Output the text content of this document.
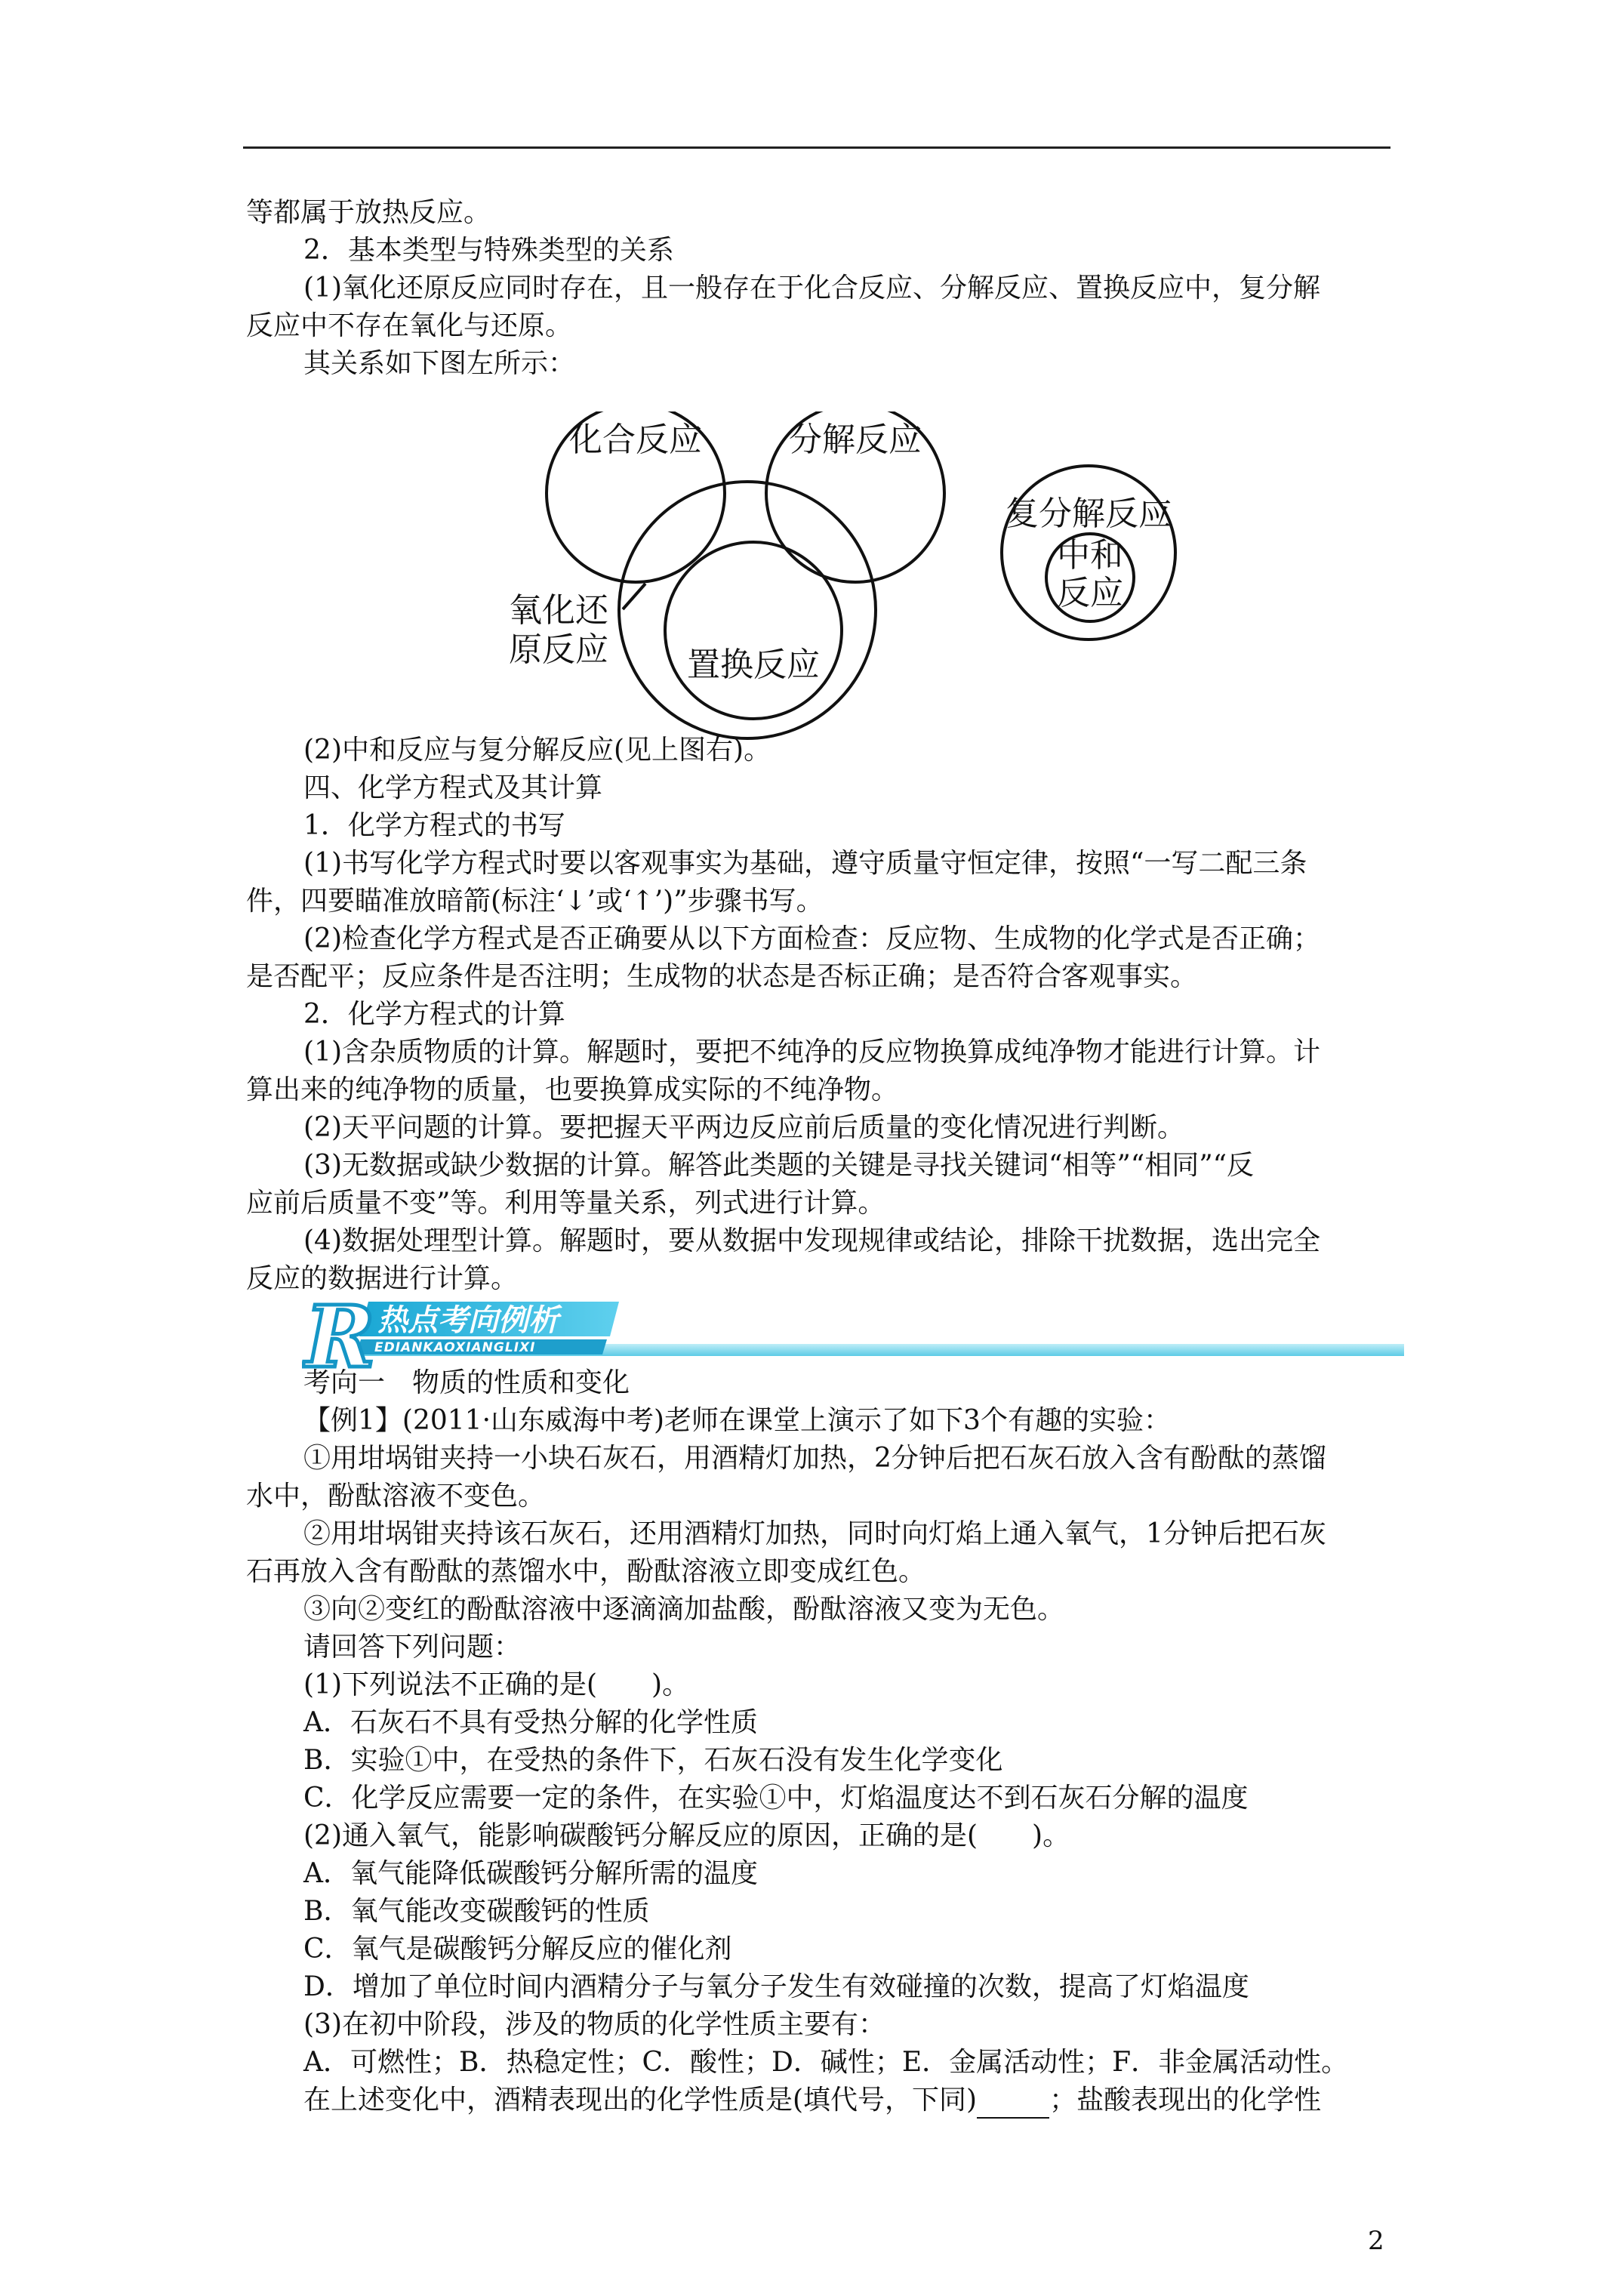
等都属于放热反应。
2．基本类型与特殊类型的关系
(1)氧化还原反应同时存在，且一般存在于化合反应、分解反应、置换反应中，复分解
反应中不存在氧化与还原。
其关系如下图左所示：
化合反应	分解反应
氧化还
原反应 置换反应
复分解反应
中和
反应
(2)中和反应与复分解反应(见上图右)。
四、化学方程式及其计算
1．化学方程式的书写
(1)书写化学方程式时要以客观事实为基础，遵守质量守恒定律，按照“一写二配三条
件，四要瞄准放暗箭(标注‘↓’或‘↑’)”步骤书写。
(2)检查化学方程式是否正确要从以下方面检查：反应物、生成物的化学式是否正确；
是否配平；反应条件是否注明；生成物的状态是否标正确；是否符合客观事实。
2．化学方程式的计算
(1)含杂质物质的计算。解题时，要把不纯净的反应物换算成纯净物才能进行计算。计
算出来的纯净物的质量，也要换算成实际的不纯净物。
(2)天平问题的计算。要把握天平两边反应前后质量的变化情况进行判断。
(3)无数据或缺少数据的计算。解答此类题的关键是寻找关键词“相等”“相同”“反
应前后质量不变”等。利用等量关系，列式进行计算。
(4)数据处理型计算。解题时，要从数据中发现规律或结论，排除干扰数据，选出完全
反应的数据进行计算。
R 热点考向例析
EDIANKAOXIANGLIXI
考向一　物质的性质和变化
【例1】(2011·山东威海中考)老师在课堂上演示了如下3个有趣的实验：
①用坩埚钳夹持一小块石灰石，用酒精灯加热，2分钟后把石灰石放入含有酚酞的蒸馏
水中，酚酞溶液不变色。
②用坩埚钳夹持该石灰石，还用酒精灯加热，同时向灯焰上通入氧气，1分钟后把石灰
石再放入含有酚酞的蒸馏水中，酚酞溶液立即变成红色。
③向②变红的酚酞溶液中逐滴滴加盐酸，酚酞溶液又变为无色。
请回答下列问题：
(1)下列说法不正确的是(　　)。
A．石灰石不具有受热分解的化学性质
B．实验①中，在受热的条件下，石灰石没有发生化学变化
C．化学反应需要一定的条件，在实验①中，灯焰温度达不到石灰石分解的温度
(2)通入氧气，能影响碳酸钙分解反应的原因，正确的是(　　)。
A．氧气能降低碳酸钙分解所需的温度
B．氧气能改变碳酸钙的性质
C．氧气是碳酸钙分解反应的催化剂
D．增加了单位时间内酒精分子与氧分子发生有效碰撞的次数，提高了灯焰温度
(3)在初中阶段，涉及的物质的化学性质主要有：
A．可燃性；B．热稳定性；C．酸性；D．碱性；E．金属活动性；F．非金属活动性。
在上述变化中，酒精表现出的化学性质是(填代号，下同)	；盐酸表现出的化学性
2
